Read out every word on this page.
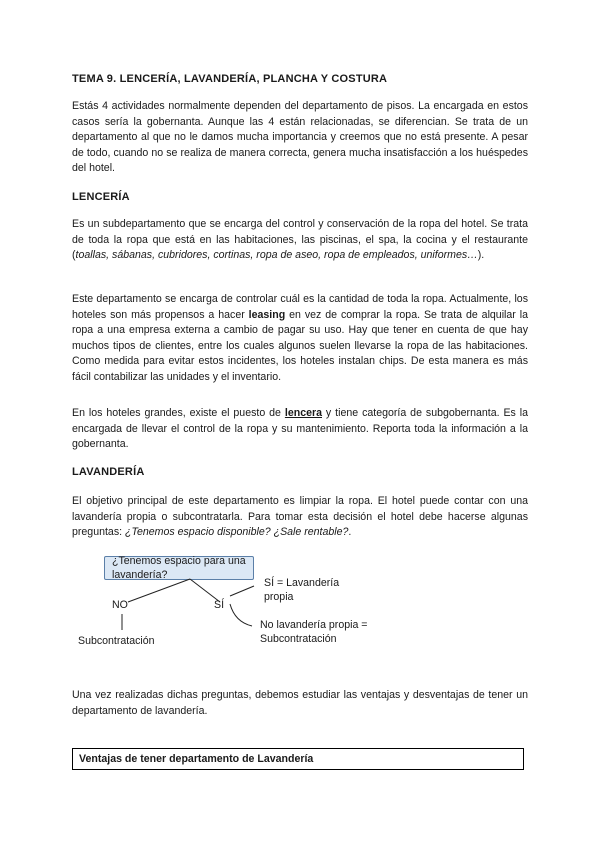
TEMA 9. LENCERÍA, LAVANDERÍA, PLANCHA Y COSTURA

Estás 4 actividades normalmente dependen del departamento de pisos. La encargada en estos casos sería la gobernanta. Aunque las 4 están relacionadas, se diferencian. Se trata de un departamento al que no le damos mucha importancia y creemos que no está presente. A pesar de todo, cuando no se realiza de manera correcta, genera mucha insatisfacción a los huéspedes del hotel.

LENCERÍA

Es un subdepartamento que se encarga del control y conservación de la ropa del hotel. Se trata de toda la ropa que está en las habitaciones, las piscinas, el spa, la cocina y el restaurante (toallas, sábanas, cubridores, cortinas, ropa de aseo, ropa de empleados, uniformes…).

Este departamento se encarga de controlar cuál es la cantidad de toda la ropa. Actualmente, los hoteles son más propensos a hacer leasing en vez de comprar la ropa. Se trata de alquilar la ropa a una empresa externa a cambio de pagar su uso. Hay que tener en cuenta de que hay muchos tipos de clientes, entre los cuales algunos suelen llevarse la ropa de las habitaciones. Como medida para evitar estos incidentes, los hoteles instalan chips. De esta manera es más fácil contabilizar las unidades y el inventario.

En los hoteles grandes, existe el puesto de lencera y tiene categoría de subgobernanta. Es la encargada de llevar el control de la ropa y su mantenimiento. Reporta toda la información a la gobernanta.

LAVANDERÍA

El objetivo principal de este departamento es limpiar la ropa. El hotel puede contar con una lavandería propia o subcontratarla. Para tomar esta decisión el hotel debe hacerse algunas preguntas: ¿Tenemos espacio disponible? ¿Sale rentable?.

¿Tenemos espacio para una lavandería?
NO	SÍ
SÍ = Lavandería propia
No lavandería propia = Subcontratación
Subcontratación

Una vez realizadas dichas preguntas, debemos estudiar las ventajas y desventajas de tener un departamento de lavandería.

Ventajas de tener departamento de Lavandería
